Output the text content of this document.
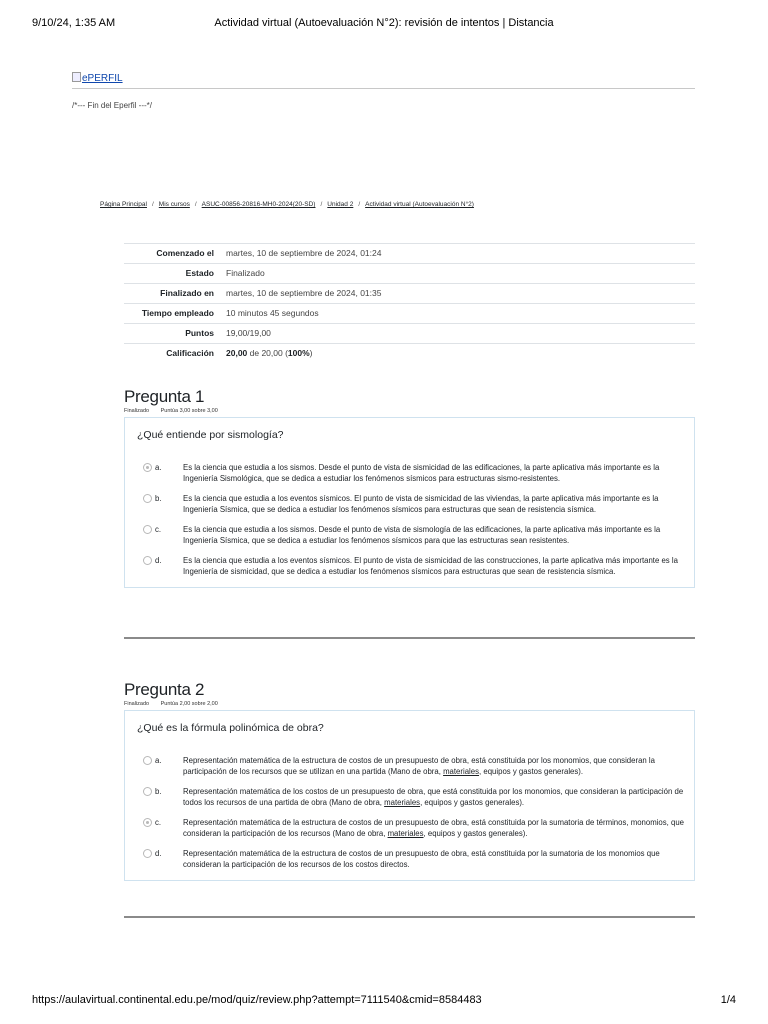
9/10/24, 1:35 AM	Actividad virtual (Autoevaluación N°2): revisión de intentos | Distancia
ePERFIL
/*--- Fin del Eperfil ---*/
Página Principal / Mis cursos / ASUC-00856-20816-MH0-2024(20-SD) / Unidad 2 / Actividad virtual (Autoevaluación N°2)
Comenzado el	martes, 10 de septiembre de 2024, 01:24
Estado	Finalizado
Finalizado en	martes, 10 de septiembre de 2024, 01:35
Tiempo empleado	10 minutos 45 segundos
Puntos	19,00/19,00
Calificación	20,00 de 20,00 (100%)
Pregunta 1
Finalizado Puntúa 3,00 sobre 3,00

¿Qué entiende por sismología?

a.	Es la ciencia que estudia a los sismos. Desde el punto de vista de sismicidad de las edificaciones, la parte aplicativa más importante es la Ingeniería Sismológica, que se dedica a estudiar los fenómenos sísmicos para estructuras sismo-resistentes.
b.	Es la ciencia que estudia a los eventos sísmicos. El punto de vista de sismicidad de las viviendas, la parte aplicativa más importante es la Ingeniería Sísmica, que se dedica a estudiar los fenómenos sísmicos para estructuras que sean de resistencia sísmica.
c.	Es la ciencia que estudia a los sismos. Desde el punto de vista de sismología de las edificaciones, la parte aplicativa más importante es la Ingeniería Sísmica, que se dedica a estudiar los fenómenos sísmicos para que las estructuras sean resistentes.
d.	Es la ciencia que estudia a los eventos sísmicos. El punto de vista de sismicidad de las construcciones, la parte aplicativa más importante es la Ingeniería de sismicidad, que se dedica a estudiar los fenómenos sísmicos para estructuras que sean de resistencia sísmica.
Pregunta 2
Finalizado Puntúa 2,00 sobre 2,00

¿Qué es la fórmula polinómica de obra?

a.	Representación matemática de la estructura de costos de un presupuesto de obra, está constituida por los monomios, que consideran la participación de los recursos que se utilizan en una partida (Mano de obra, materiales, equipos y gastos generales).
b.	Representación matemática de los costos de un presupuesto de obra, que está constituida por los monomios, que consideran la participación de todos los recursos de una partida de obra (Mano de obra, materiales, equipos y gastos generales).
c.	Representación matemática de la estructura de costos de un presupuesto de obra, está constituida por la sumatoria de términos, monomios, que consideran la participación de los recursos (Mano de obra, materiales, equipos y gastos generales).
d.	Representación matemática de la estructura de costos de un presupuesto de obra, está constituida por la sumatoria de los monomios que consideran la participación de los recursos de los costos directos.
https://aulavirtual.continental.edu.pe/mod/quiz/review.php?attempt=7111540&cmid=8584483	1/4
